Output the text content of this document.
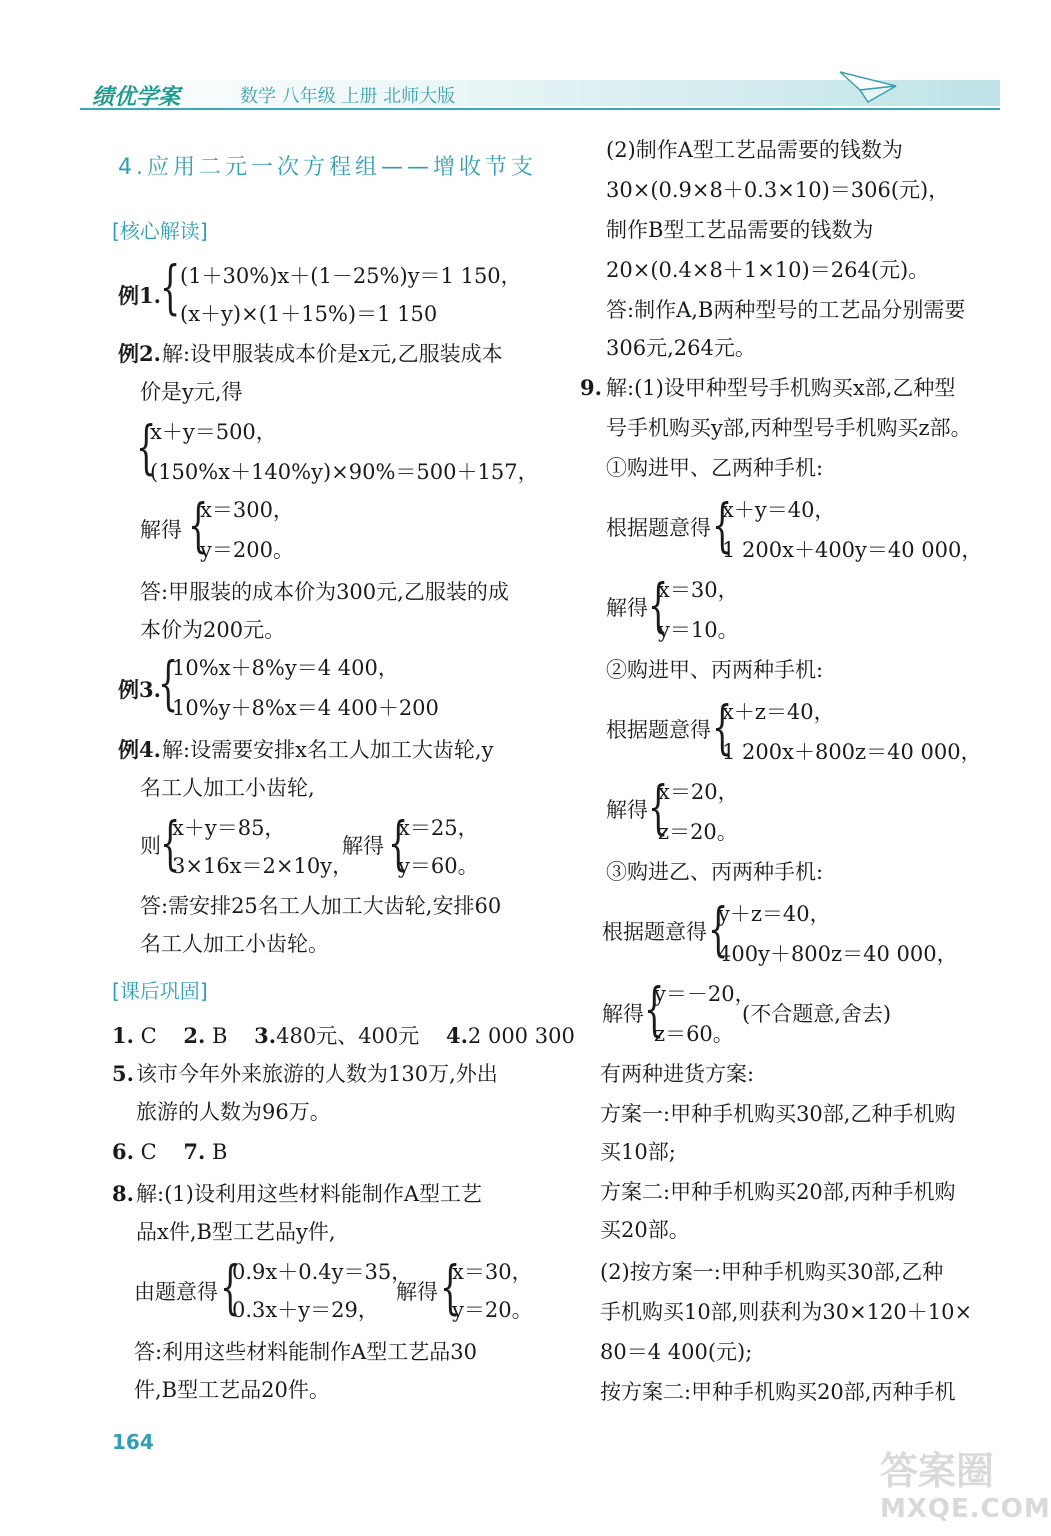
绩优学案	数学 八年级 上册 北师大版
4.应用二元一次方程组——增收节支
[核心解读]
例1. { (1＋30%)x＋(1－25%)y＝1 150，
(x＋y)×(1＋15%)＝1 150
例2. 解:设甲服装成本价是x元,乙服装成本
价是y元,得
{
x＋y＝500，
(150%x＋140%y)×90%＝500＋157，
解得 {
x＝300，
y＝200。
答:甲服装的成本价为300元,乙服装的成
本价为200元。
例3.
{
10%x＋8%y＝4 400，
10%y＋8%x＝4 400＋200
例4. 解:设需要安排x名工人加工大齿轮,y
名工人加工小齿轮,
则 {
x＋y＝85，
3×16x＝2×10y，
解得 {
x＝25，
y＝60。
答:需安排25名工人加工大齿轮,安排60
名工人加工小齿轮。
[课后巩固]
1. C 2. B 3.480元、400元 4.2 000 300
5. 该市今年外来旅游的人数为130万,外出
旅游的人数为96万。
6. C 7. B
8. 解:(1)设利用这些材料能制作A型工艺
品x件,B型工艺品y件,
由题意得 {
0.9x＋0.4y＝35，
0.3x＋y＝29，
解得 {
x＝30，
y＝20。
答:利用这些材料能制作A型工艺品30
件,B型工艺品20件。
164
(2)制作A型工艺品需要的钱数为
30×(0.9×8＋0.3×10)＝306(元)，
制作B型工艺品需要的钱数为
20×(0.4×8＋1×10)＝264(元)。
答:制作A,B两种型号的工艺品分别需要
306元,264元。
9. 解:(1)设甲种型号手机购买x部,乙种型
号手机购买y部,丙种型号手机购买z部。
①购进甲、乙两种手机:
根据题意得 {
x＋y＝40，
1 200x＋400y＝40 000，
解得 {
x＝30，
y＝10。
②购进甲、丙两种手机:
根据题意得 {
x＋z＝40，
1 200x＋800z＝40 000，
解得 {
x＝20，
z＝20。
③购进乙、丙两种手机:
根据题意得 {
y＋z＝40，
400y＋800z＝40 000，
解得 {
y＝－20，
z＝60。
(不合题意,舍去)
有两种进货方案:
方案一:甲种手机购买30部,乙种手机购
买10部;
方案二:甲种手机购买20部,丙种手机购
买20部。
(2)按方案一:甲种手机购买30部,乙种
手机购买10部,则获利为30×120＋10×
80＝4 400(元);
按方案二:甲种手机购买20部,丙种手机
答案圈
MXQE.COM
